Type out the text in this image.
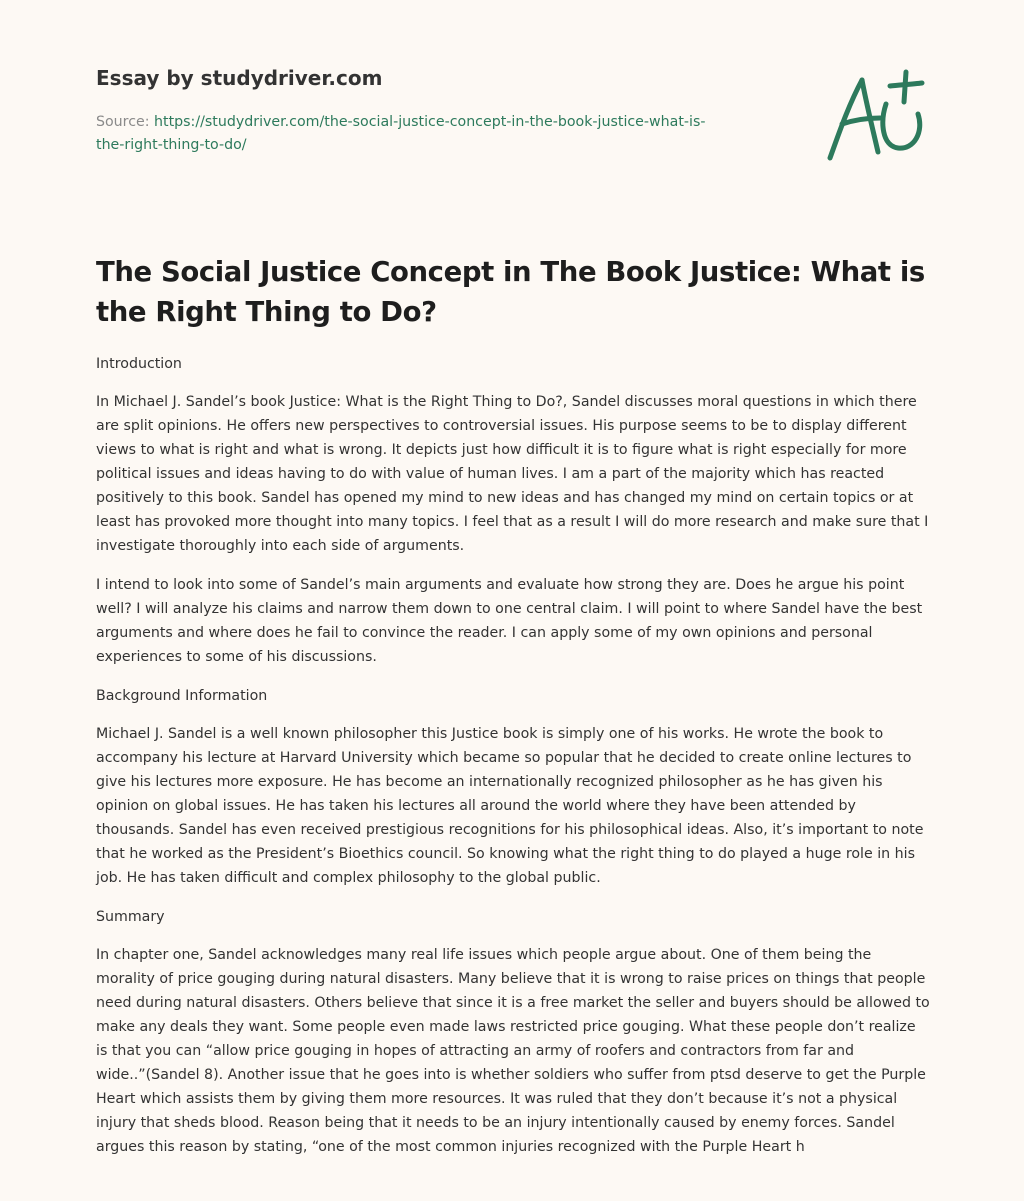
Essay by studydriver.com
Source: https://studydriver.com/the-social-justice-concept-in-the-book-justice-what-is-
the-right-thing-to-do/
The Social Justice Concept in The Book Justice: What is the Right Thing to Do?

Introduction

In Michael J. Sandel’s book Justice: What is the Right Thing to Do?, Sandel discusses moral questions in which there are split opinions. He offers new perspectives to controversial issues. His purpose seems to be to display different views to what is right and what is wrong. It depicts just how difficult it is to figure what is right especially for more political issues and ideas having to do with value of human lives. I am a part of the majority which has reacted positively to this book. Sandel has opened my mind to new ideas and has changed my mind on certain topics or at least has provoked more thought into many topics. I feel that as a result I will do more research and make sure that I investigate thoroughly into each side of arguments.

I intend to look into some of Sandel’s main arguments and evaluate how strong they are. Does he argue his point well? I will analyze his claims and narrow them down to one central claim. I will point to where Sandel have the best arguments and where does he fail to convince the reader. I can apply some of my own opinions and personal experiences to some of his discussions.

Background Information

Michael J. Sandel is a well known philosopher this Justice book is simply one of his works. He wrote the book to accompany his lecture at Harvard University which became so popular that he decided to create online lectures to give his lectures more exposure. He has become an internationally recognized philosopher as he has given his opinion on global issues. He has taken his lectures all around the world where they have been attended by thousands. Sandel has even received prestigious recognitions for his philosophical ideas. Also, it’s important to note that he worked as the President’s Bioethics council. So knowing what the right thing to do played a huge role in his job. He has taken difficult and complex philosophy to the global public.

Summary

In chapter one, Sandel acknowledges many real life issues which people argue about. One of them being the morality of price gouging during natural disasters. Many believe that it is wrong to raise prices on things that people need during natural disasters. Others believe that since it is a free market the seller and buyers should be allowed to make any deals they want. Some people even made laws restricted price gouging. What these people don’t realize is that you can “allow price gouging in hopes of attracting an army of roofers and contractors from far and wide..”(Sandel 8). Another issue that he goes into is whether soldiers who suffer from ptsd deserve to get the Purple Heart which assists them by giving them more resources. It was ruled that they don’t because it’s not a physical injury that sheds blood. Reason being that it needs to be an injury intentionally caused by enemy forces. Sandel argues this reason by stating, “one of the most common injuries recognized with the Purple Heart h
